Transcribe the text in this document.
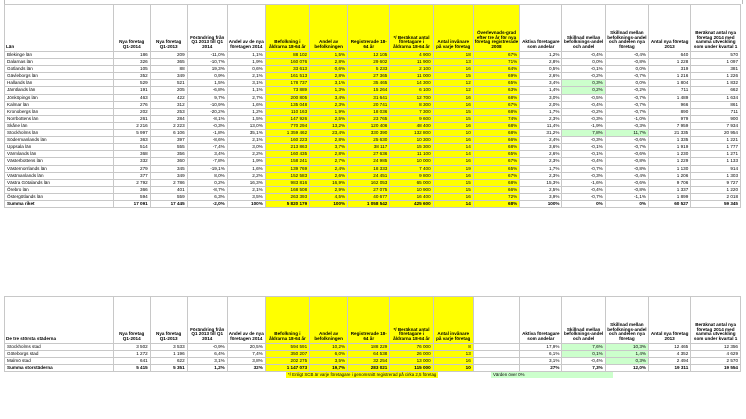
Län	Nya företag Q1-2014	Nya företag Q1-2013	Förändring från Q1 2013 till Q1 2014	Andel av de nya företagen 2014	Befolkning i åldrarna 18-64 år	Andel av befolkningen	Registrerade 18-64 år	*/ Beräknat antal företagare i åldrarna 18-64 år	Antal invånare på varje företag	Överlevnads-grad efter tre år för nya företag registrerade 2008	Aktiva företagare som andelar	Skillnad mellan befolknings-andel och andel	Skillnad mellan befolknings-andel och andelen nya företag	Antal nya företag 2013	Beräknat antal nya företag 2014 med samma utveckling som under kvartal 1
Blekinge län	186	209	-11,0%	1,1%	88 102	1,5%	12 105	4 900	18	67%	1,2%	-0,4%	-0,4%	640	570
Dalarnas län	326	365	-10,7%	1,9%	160 076	2,8%	29 602	11 900	13	71%	2,8%	0,0%	-0,8%	1 228	1 097
Gotlands län	105	88	19,3%	0,6%	33 613	0,6%	5 233	2 100	16	64%	0,5%	-0,1%	0,0%	319	381
Gävleborgs län	352	349	0,9%	2,1%	161 513	2,8%	27 365	11 000	15	69%	2,6%	-0,2%	-0,7%	1 216	1 226
Hallands län	529	521	1,5%	3,1%	178 737	3,1%	35 465	14 300	12	65%	3,4%	0,3%	0,0%	1 804	1 832
Jämtlands län	191	205	-6,8%	1,1%	73 889	1,3%	15 264	6 100	12	63%	1,4%	0,2%	-0,2%	711	662
Jönköpings län	463	422	9,7%	2,7%	200 805	3,4%	31 641	12 700	16	68%	3,0%	-0,5%	-0,7%	1 489	1 634
Kalmar län	276	312	-10,9%	1,6%	135 048	2,3%	20 741	8 300	16	67%	2,0%	-0,4%	-0,7%	966	861
Kronobergs län	202	253	-20,2%	1,2%	110 163	1,9%	18 036	7 300	15	68%	1,7%	-0,2%	-0,7%	890	711
Norrbottens län	261	284	-8,1%	1,5%	147 926	2,5%	23 765	9 600	15	74%	2,3%	-0,3%	-1,0%	979	900
Skåne län	2 216	2 223	-0,3%	13,0%	770 294	13,2%	120 406	48 400	16	68%	11,4%	-1,9%	-0,3%	7 959	7 934
Stockholms län	5 997	6 106	-1,8%	35,1%	1 359 462	23,4%	330 390	132 800	10	68%	31,2%	7,8%	11,7%	21 335	20 954
Södermanlands län	363	397	-8,6%	2,1%	160 223	2,8%	25 630	10 300	16	66%	2,4%	-0,3%	-0,6%	1 335	1 221
Uppsala län	514	555	-7,4%	3,0%	213 863	3,7%	38 117	15 300	14	68%	3,6%	-0,1%	-0,7%	1 919	1 777
Värmlands län	368	356	3,4%	2,2%	160 435	2,8%	27 636	11 100	14	65%	2,6%	-0,1%	-0,6%	1 230	1 271
Västerbottens län	332	360	-7,8%	1,9%	158 241	2,7%	24 985	10 000	16	67%	2,3%	-0,4%	-0,8%	1 229	1 133
Västernorrlands län	279	345	-19,1%	1,6%	139 769	2,4%	18 333	7 400	19	65%	1,7%	-0,7%	-0,8%	1 130	914
Västmanlands län	377	349	8,0%	2,2%	152 583	2,6%	24 451	9 800	16	67%	2,3%	-0,3%	-0,4%	1 206	1 303
Västra Götalands län	2 792	2 786	0,2%	16,3%	983 816	16,9%	162 053	65 000	15	68%	15,3%	-1,6%	-0,6%	9 706	9 727
Örebro län	366	401	-8,7%	2,1%	168 508	2,9%	27 075	10 900	15	66%	2,5%	-0,4%	-0,8%	1 337	1 220
Östergötlands län	594	559	6,3%	3,5%	263 393	4,5%	40 677	16 400	16	72%	3,9%	-0,7%	-1,1%	1 899	2 018
Summa riket	17 091	17 445	-2,0%	100%	5 820 179	100%	1 058 542	425 600	14	68%	100%	0%	0%	60 527	59 345
De tre största städerna	Nya företag Q1-2014	Nya företag Q1-2013	Förändring från Q1 2013 till Q1 2014	Andel av de nya företagen 2014	Befolkning i åldrarna 18-64 år	Andel av befolkningen	Registrerade 18-64 år	*/ Beräknat antal företagare i åldrarna 18-64 år	Antal invånare på varje företag		Aktiva företagare som andelar	Skillnad mellan befolknings-andel och andel	Skillnad mellan befolknings-andel och andelen nya företag	Antal nya företag 2013	Beräknat antal nya företag 2014 med samma utveckling som under kvartal 1
Stockholms stad	3 502	3 533	-0,9%	20,5%	594 591	10,2%	188 229	76 000	8		17,9%	7,6%	10,3%	12 465	12 356
Göteborgs stad	1 272	1 196	6,4%	7,4%	350 207	6,0%	64 538	26 000	13		6,1%	0,1%	1,4%	4 352	4 629
Malmö stad	641	622	3,1%	3,8%	202 275	3,5%	32 254	13 000	16		3,1%	-0,4%	0,3%	2 494	2 570
Summa storstäderna	5 415	5 351	1,2%	32%	1 147 073	19,7%	283 021	115 000	10		27%	7,3%	12,0%	19 311	19 554
*/ Enligt SCB är varje företagare i genomsnitt registrerad på cirka 2,5 företag	Värden över 0%
